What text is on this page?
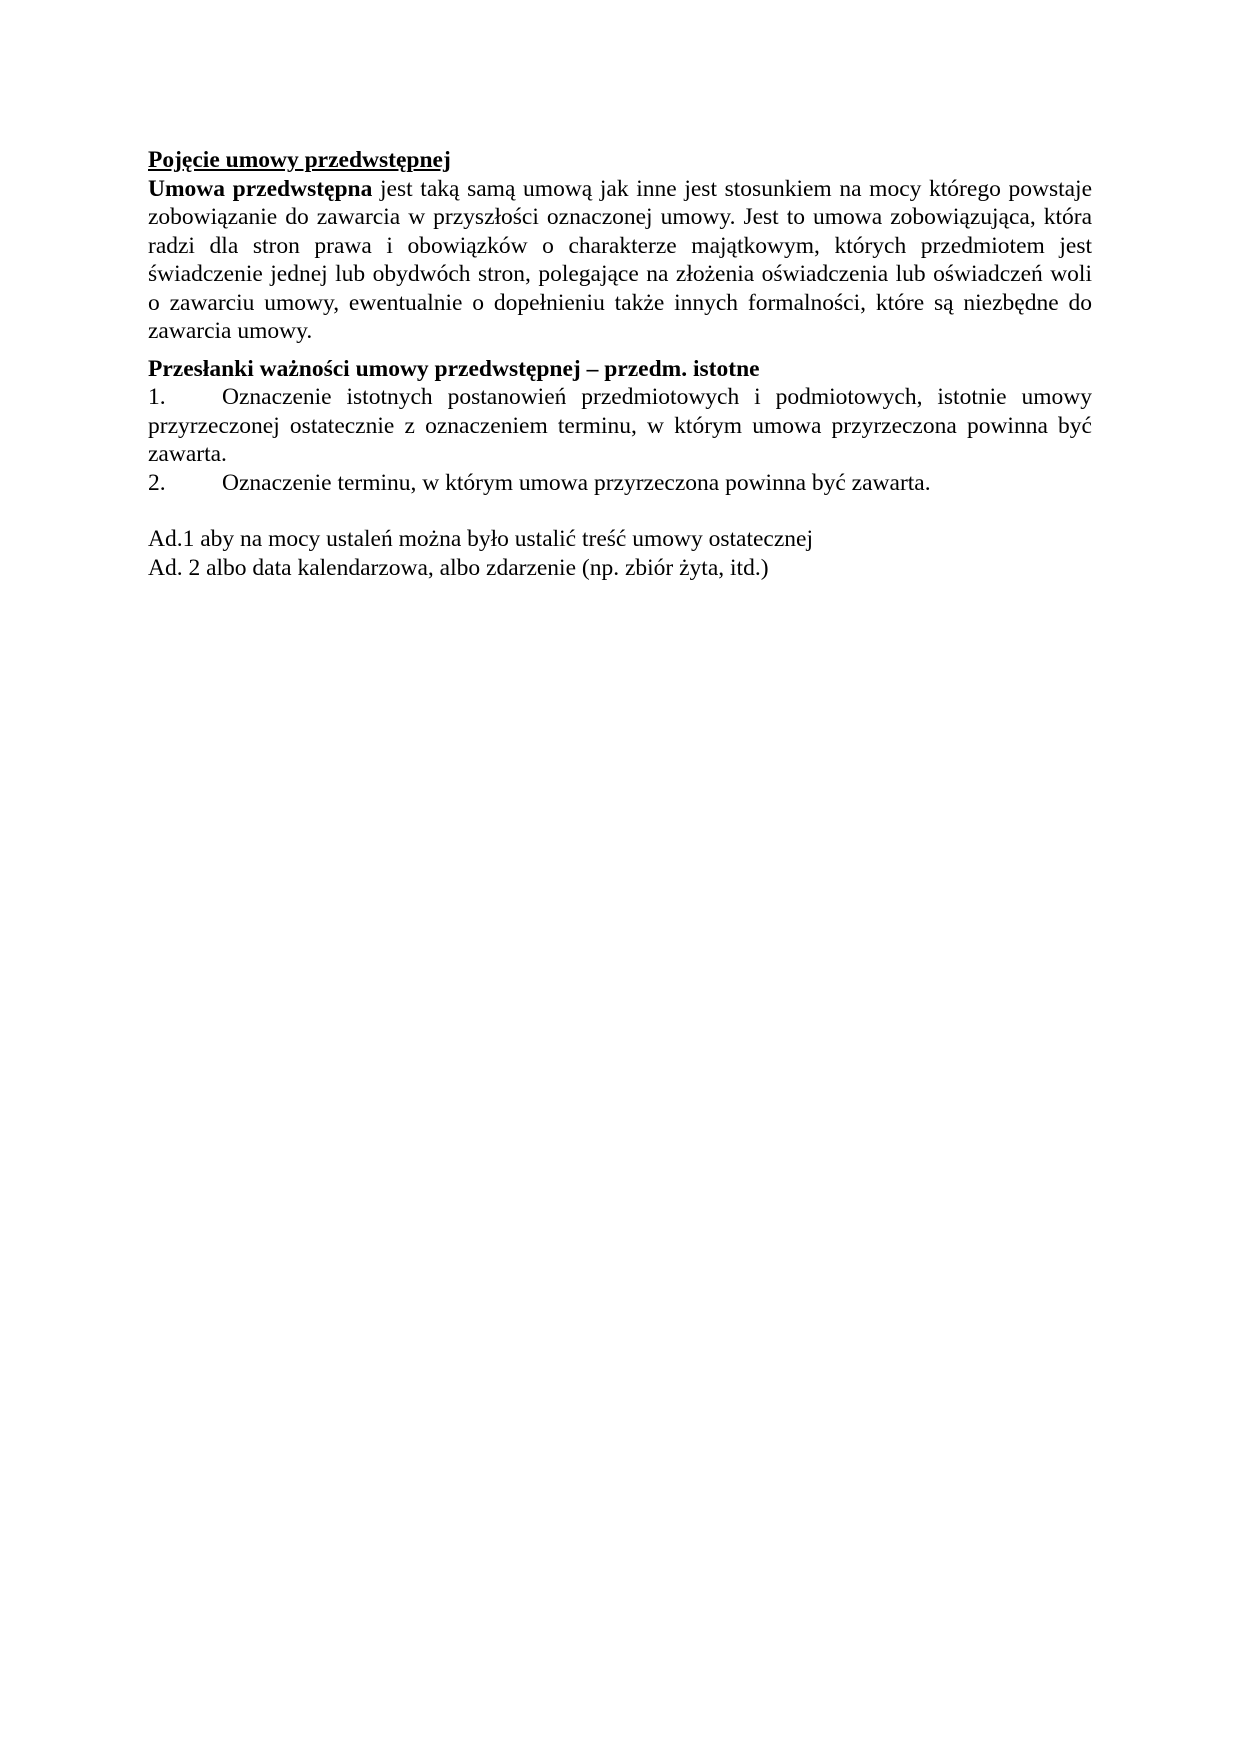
Pojęcie umowy przedwstępnej

Umowa przedwstępna jest taką samą umową jak inne jest stosunkiem na mocy którego powstaje zobowiązanie do zawarcia w przyszłości oznaczonej umowy. Jest to umowa zobowiązująca, która radzi dla stron prawa i obowiązków o charakterze majątkowym, których przedmiotem jest świadczenie jednej lub obydwóch stron, polegające na złożenia oświadczenia lub oświadczeń woli o zawarciu umowy, ewentualnie o dopełnieniu także innych formalności, które są niezbędne do zawarcia umowy.

Przesłanki ważności umowy przedwstępnej – przedm. istotne

1. Oznaczenie istotnych postanowień przedmiotowych i podmiotowych, istotnie umowy przyrzeczonej ostatecznie z oznaczeniem terminu, w którym umowa przyrzeczona powinna być zawarta.

2. Oznaczenie terminu, w którym umowa przyrzeczona powinna być zawarta.

Ad.1 aby na mocy ustaleń można było ustalić treść umowy ostatecznej

Ad. 2 albo data kalendarzowa, albo zdarzenie (np. zbiór żyta, itd.)
